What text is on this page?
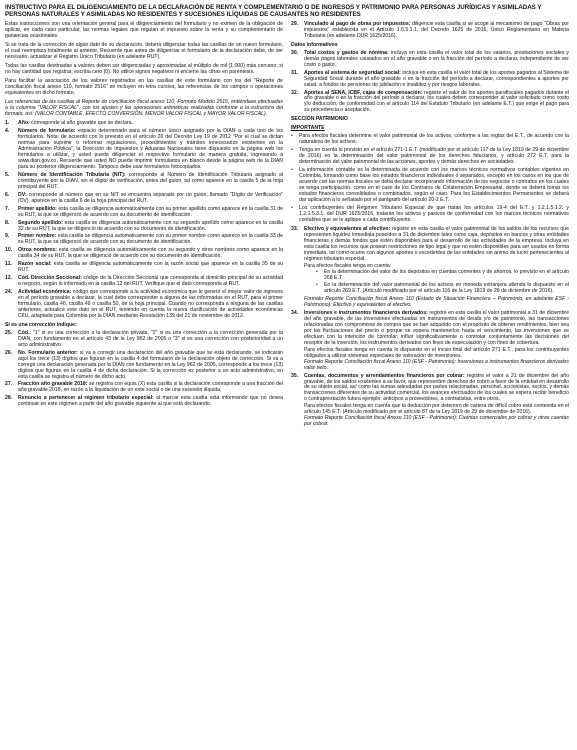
INSTRUCTIVO PARA EL DILIGENCIAMIENTO DE LA DECLARACIÓN DE RENTA Y COMPLEMENTARIO O DE INGRESOS Y PATRIMONIO PARA PERSONAS JURÍDICAS Y ASIMILADAS Y PERSONAS NATURALES Y ASIMILADAS NO RESIDENTES Y SUCESIONES ILÍQUIDAS DE CAUSANTES NO RESIDENTES

Estas instrucciones son una orientación general para el diligenciamiento del formulario y no eximen de la obligación de aplicar, en cada caso particular, las normas legales que regulan el impuesto sobre la renta y su complementario de ganancias ocasionales.

Si se trata de la corrección de algún dato de su declaración, deberá diligenciar todas las casillas de un nuevo formulario, el cual reemplaza totalmente al anterior. Recuerde que antes de diligenciar el formulario de la declaración debe, de ser necesario, actualizar el Registro Único Tributario (en adelante RUT).

Todas las casillas destinadas a valores deben ser diligenciadas y aproximadas al múltiplo de mil (1.000) más cercano; si no hay cantidad que registrar, escriba cero (0). No utilice signos negativos ni encierre las cifras en paréntesis.

Para facilitar la asociación de los valores registrados en las casillas de este formulario con los del "Reporte de conciliación fiscal anexo 110, formato 2516" se incluyen en letra cursiva, las referencias de los campos o operaciones equivalentes en dicho formato.

Las referencias de las casillas al Reporte de conciliación fiscal anexo 110, Formato Modelo 2516, entiéndase efectuadas a la columna "VALOR FISCAL", con los ajustes y las operaciones aritméticas realizadas conforme a la estructura del formato, así: (VALOR CONTABLE, EFECTO CONVERSIÓN, MENOR VALOR FISCAL y MAYOR VALOR FISCAL).

1.	Año: corresponde al año gravable que se declara.
4.	Número de formulario: espacio determinado para el número único asignado por la DIAN a cada uno de los formularios. Nota: de acuerdo con lo previsto en el artículo 26 del Decreto Ley 19 de 2012 "Por el cual se dictan normas para suprimir o reformar regulaciones, procedimientos y trámites innecesarios existentes en la Administración Pública", la Dirección de Impuestos y Aduanas Nacionales tiene dispuesto en la página web los formularios a utilizar, y usted puede diligenciar el respectivo formulario de manera gratuita, ingresando a www.dian.gov.co. Recuerde que usted NO puede imprimir formularios en blanco desde la página web de la DIAN para su posterior diligenciamiento. Tampoco debe usar formularios fotocopiados.
5.	Número de Identificación Tributaria (NIT): corresponde al Número de Identificación Tributaria asignado al contribuyente por la DIAN, sin el dígito de verificación, antes del guion, tal como aparece en la casilla 5 de la hoja principal del RUT.
6.	DV: corresponde al número que en su NIT se encuentra separado por un guion, llamado "Dígito de Verificación" (DV), aparece en la casilla 6 de la hoja principal del RUT.
7.	Primer apellido: esta casilla se diligencia automáticamente con su primer apellido como aparece en la casilla 31 de su RUT, la que se diligenció de acuerdo con su documento de identificación.
8.	Segundo apellido: esta casilla se diligencia automáticamente con su segundo apellido como aparece en la casilla 32 de su RUT, la que se diligenció de acuerdo con su documento de identificación.
9.	Primer nombre: esta casilla se diligencia automáticamente con su primer nombre como aparece en la casilla 33 de su RUT, la que se diligenció de acuerdo con su documento de identificación.
10.	Otros nombres: esta casilla se diligencia automáticamente con su segundo y otros nombres como aparece en la casilla 34 de su RUT, la que se diligenció de acuerdo con su documento de identificación.
11.	Razón social: esta casilla se diligencia automáticamente con la razón social que aparece en la casilla 35 de su RUT.
12.	Cód. Dirección Seccional: código de la Dirección Seccional que corresponda al domicilio principal de su actividad o negocio, según lo informado en la casilla 12 del RUT. Verifique que el dato corresponda al RUT.
24.	Actividad económica: código que corresponde a la actividad económica que le generó el mayor valor de ingresos en el período gravable a declarar, la cual debe corresponder a alguna de las informadas en el RUT, para el primer formulario, casilla 46, casilla 49 o casilla 50, de la hoja principal. Cuando no corresponda a ninguna de las casillas anteriores, actualice este dato en el RUT, teniendo en cuenta la nueva clasificación de actividades económicas CIIU, adaptada para Colombia por la DIAN mediante Resolución 139 del 21 de noviembre de 2012.
Si es una corrección indique:
25.	Cód.: "1" si es una corrección a la declaración privada, "2" si es una corrección a la corrección generada por la DIAN, con fundamento en el artículo 43 de la Ley 962 de 2005 o "3" si es una corrección con posterioridad a un acto administrativo.
26.	No. Formulario anterior: si va a corregir una declaración del año gravable que se está declarando, se indicarán aquí los trece (13) dígitos que figuran en la casilla 4 del formulario de la declaración objeto de corrección. Si va a corregir una declaración generada por la DIAN con fundamento en la Ley 962 de 2005, corresponde a los trece (13) dígitos que figuran en la casilla 4 de dicha declaración. Si la corrección es posterior a un acto administrativo, en esta casilla se registra el número de dicho acto.
27.	Fracción año gravable 2018: se registra con equis (X) esta casilla si la declaración corresponde a una fracción del año gravable 2018, en razón a la liquidación de un ente social o de una sucesión ilíquida.
28.	Renuncio a pertenecer al régimen tributario especial: al marcar esta casilla está informando que no desea continuar en este régimen a partir del año gravable siguiente al que está declarando.
29.	Vinculado al pago de obras por impuestos: diligencie esta casilla si se acoge al mecanismo de pago "Obras por impuestos" establecida en el Artículo 1.6.5.1.1. del Decreto 1625 de 2016, Único Reglamentario en Materia Tributaria (en adelante DUR 1625/2016).
Datos informativos
30.	Total costos y gastos de nómina: incluya en esta casilla el valor total de los salarios, prestaciones sociales y demás pagos laborales causados en el año gravable o en la fracción del período a declarar, independiente de ser costo o gasto.
31.	Aportes al sistema de seguridad social: incluya en esta casilla el valor total de los aportes pagados al Sistema de Seguridad Social durante el año gravable o en la fracción del período a declarar, correspondientes a aportes por salud, a fondos de pensiones de jubilación e invalidez y por riesgos laborales.
32.	Aportes al SENA, ICBF, cajas de compensación: registre el valor de los aportes parafiscales pagados durante el año gravable o en la fracción del período a declarar, los cuales deben corresponder al valor solicitado como costo y/o deducción, de conformidad con el artículo 114 del Estatuto Tributario (en adelante E.T.) que exige el pago para su procedencia o aceptación.
SECCIÓN PATRIMONIO
IMPORTANTE
•	Para efectos fiscales determine el valor patrimonial de los activos, conforme a las reglas del E.T., de acuerdo con la naturaleza de los activos.
•	Tenga en cuenta lo previsto en el artículo 271-1 E.T. (modificado por el artículo 117 de la Ley 1819 de 29 de diciembre de 2016) en la determinación del valor patrimonial de los derechos fiduciarios, y artículo 272 E.T. para la determinación del valor patrimonial de las acciones, aportes y demás derechos en sociedades.
•	La información contable es la determinada de acuerdo con los marcos técnicos normativos contables vigentes en Colombia, tomando como base los estados financieros individuales o separados, excepto en los casos en los que de acuerdo con las normas fiscales se deba declarar incorporando información de los negocios o contratos en los cuales se tenga participación, como en el caso de los Contratos de Colaboración Empresarial, donde se deberá tomar los estados financieros consolidados o combinados, según el caso. Para los Establecimientos Permanentes se deberá dar aplicación a lo señalado por el parágrafo del artículo 20-2 E.T.
•	Los contribuyentes del Régimen Tributario Especial de que tratan los artículos 19-4 del E.T. y 1.2.1.5.1.2. y 1.2.1.5.3.1. del DUR 1625/2016, tratarán los activos y pasivos de conformidad con los marcos técnicos normativos contables que se le aplique a cada contribuyente.
33.	Efectivo y equivalentes al efectivo: registre en esta casilla el valor patrimonial de los saldos de los recursos que representen liquidez inmediata poseídos a 31 de diciembre tales como caja, depósitos en bancos y otras entidades financieras y demás fondos que estén disponibles para el desarrollo de las actividades de la empresa. Incluya en esta casilla los recursos que posean restricciones de tipo legal y que no estén disponibles para ser usados en forma inmediata, tal como ocurre con algunos aportes o excedentes de las entidades sin ánimo de lucro pertenecientes al régimen tributario especial.
Para efectos fiscales tenga en cuenta:
•	En la determinación del valor de los depósitos en cuentas corrientes y de ahorros, lo previsto en el artículo 268 E.T.
•	En la determinación del valor patrimonial de los activos en moneda extranjera atienda lo dispuesto en el artículo 269 E.T. (Artículo modificado por el artículo 116 de la Ley 1819 de 29 de diciembre de 2016).
Formato Reporte Conciliación fiscal Anexo 110 (Estado de Situación Financiera – Patrimonio, en adelante ESF -Patrimonio): Efectivo y equivalentes al efectivo.
34.	Inversiones e instrumentos financieros derivados: registre en esta casilla el valor patrimonial a 31 de diciembre del año gravable, de las inversiones efectuadas en instrumentos de deuda y/o de patrimonio, las transacciones relacionadas con compromisos de compra que se han adquirido con el propósito de obtener rendimientos, bien sea por las fluctuaciones del precio o porque se espera mantenerlos hasta el vencimiento, las inversiones que se efectúan con la intención de controlar, influir significativamente o controlar conjuntamente las decisiones del receptor de la inversión, los instrumentos derivados con fines de especulación y con fines de cobertura.
Para efectos fiscales tenga en cuenta lo dispuesto en el inciso final del artículo 271 E.T., para los contribuyentes obligados a utilizar sistemas especiales de valoración de inversiones.
Formato Reporte Conciliación fiscal Anexo 110 (ESF - Patrimonio): Inversiones e instrumentos financieros derivados valor neto.
35.	Cuentas, documentos y arrendamientos financieros por cobrar: registre el valor a 31 de diciembre del año gravable, de los saldos existentes a su favor, que representen derechos de cobro a favor de la entidad en desarrollo de su objeto social, así como las sumas adeudadas por partes relacionadas, personal, accionistas, socios, y demás transacciones diferentes de su actividad comercial, los avances efectuados de los cuales se espera recibir beneficio o contraprestación futura ejemplo: anticipos a proveedores, a contratistas, entre otros.
Para efectos fiscales tenga en cuenta que la deducción por deterioro de cartera de difícil cobro está contenida en el artículo 145 E.T. (Artículo modificado por el artículo 87 de la Ley 1819 de 29 de diciembre de 2016).
Formato Reporte Conciliación fiscal Anexo 110 (ESF - Patrimonio): Cuentas comerciales por cobrar y otras cuentas por cobrar.
